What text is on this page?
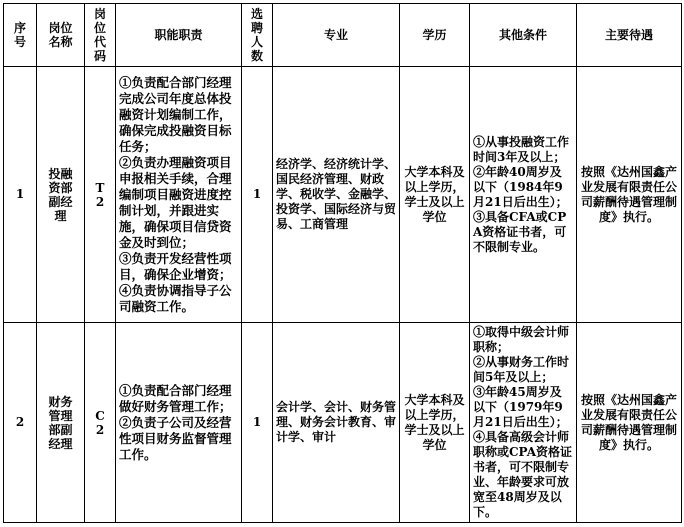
序号	岗位名称	岗位代码	职能职责	选聘人数	专业	学历	其他条件	主要待遇
1	投融资部副经理	T2	①负责配合部门经理完成公司年度总体投融资计划编制工作，确保完成投融资目标任务；
②负责办理融资项目申报相关手续，合理编制项目融资进度控制计划，并跟进实施，确保项目信贷资金及时到位；
③负责开发经营性项目，确保企业增资；
④负责协调指导子公司融资工作。	1	经济学、经济统计学、国民经济管理、财政学、税收学、金融学、投资学、国际经济与贸易、工商管理	大学本科及以上学历，学士及以上学位	①从事投融资工作时间3年及以上；
②年龄40周岁及以下（1984年9月21日后出生）；
③具备CFA或CPA资格证书者，可不限制专业。	按照《达州国鑫产业发展有限责任公司薪酬待遇管理制度》执行。
2	财务管理部副经理	C2	①负责配合部门经理做好财务管理工作；
②负责子公司及经营性项目财务监督管理工作。	1	会计学、会计、财务管理、财务会计教育、审计学、审计	大学本科及以上学历，学士及以上学位	①取得中级会计师职称；
②从事财务工作时间5年及以上；
③年龄45周岁及以下（1979年9月21日后出生）；
④具备高级会计师职称或CPA资格证书者，可不限制专业、年龄要求可放宽至48周岁及以下。	按照《达州国鑫产业发展有限责任公司薪酬待遇管理制度》执行。
